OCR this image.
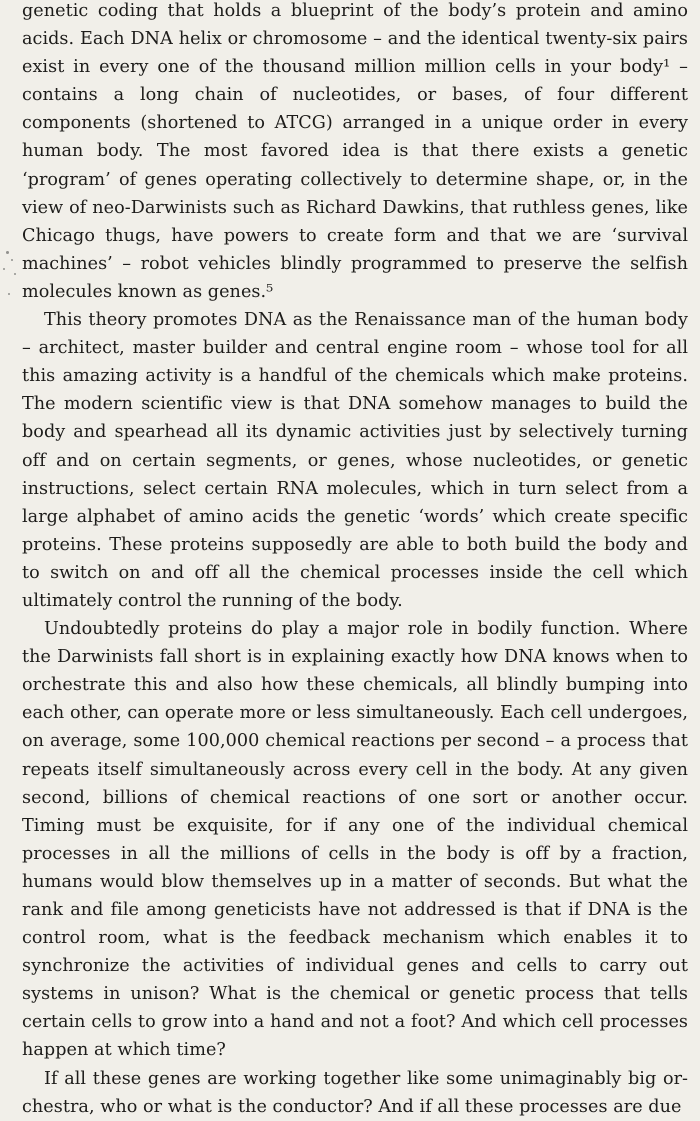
genetic coding that holds a blueprint of the body’s protein and amino acids. Each DNA helix or chromosome – and the identical twenty-six pairs exist in every one of the thousand million million cells in your body¹ – contains a long chain of nucleotides, or bases, of four different components (shortened to ATCG) arranged in a unique order in every human body. The most favored idea is that there exists a genetic ‘program’ of genes operating collectively to determine shape, or, in the view of neo-Darwinists such as Richard Dawkins, that ruthless genes, like Chicago thugs, have powers to create form and that we are ‘survival machines’ – robot vehicles blindly programmed to preserve the selfish molecules known as genes.⁵

This theory promotes DNA as the Renaissance man of the human body – architect, master builder and central engine room – whose tool for all this amazing activity is a handful of the chemicals which make proteins. The modern scientific view is that DNA somehow manages to build the body and spearhead all its dynamic activities just by selectively turning off and on certain segments, or genes, whose nucleotides, or genetic instructions, select certain RNA molecules, which in turn select from a large alphabet of amino acids the genetic ‘words’ which create specific proteins. These proteins supposedly are able to both build the body and to switch on and off all the chemical processes inside the cell which ultimately control the running of the body.

Undoubtedly proteins do play a major role in bodily function. Where the Darwinists fall short is in explaining exactly how DNA knows when to orchestrate this and also how these chemicals, all blindly bumping into each other, can operate more or less simultaneously. Each cell undergoes, on average, some 100,000 chemical reactions per second – a process that repeats itself simultaneously across every cell in the body. At any given second, billions of chemical reactions of one sort or another occur. Timing must be exquisite, for if any one of the individual chemical processes in all the millions of cells in the body is off by a fraction, humans would blow themselves up in a matter of seconds. But what the rank and file among geneticists have not addressed is that if DNA is the control room, what is the feedback mechanism which enables it to synchronize the activities of individual genes and cells to carry out systems in unison? What is the chemical or genetic process that tells certain cells to grow into a hand and not a foot? And which cell processes happen at which time?

If all these genes are working together like some unimaginably big orchestra, who or what is the conductor? And if all these processes are due
